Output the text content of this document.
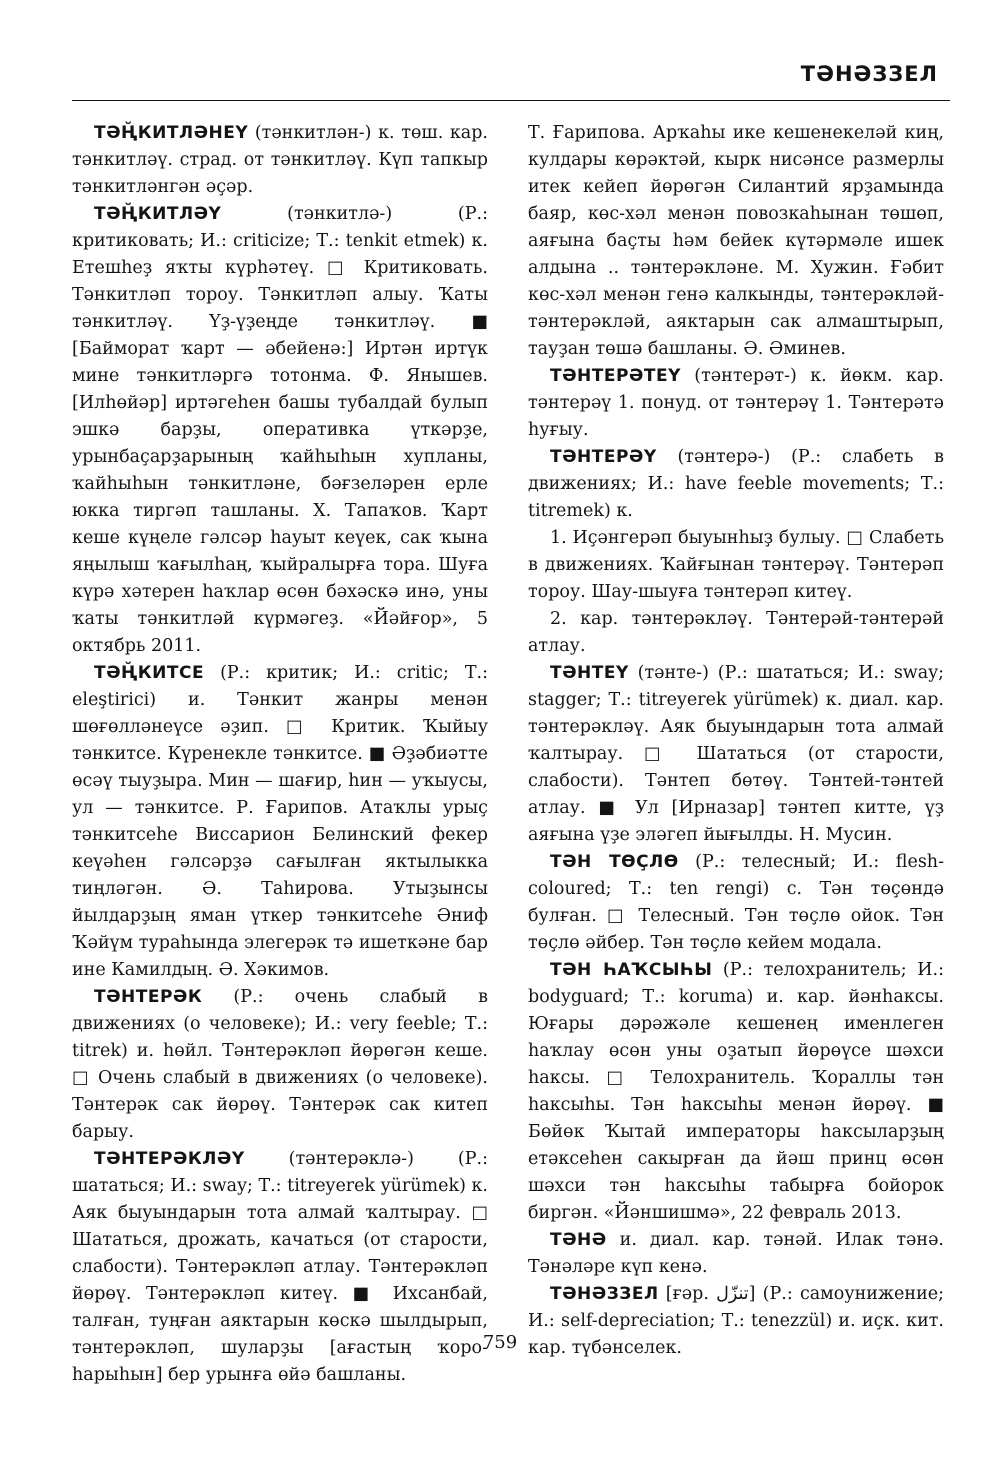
ТӘНӘЗЗЕЛ

ТӘҢ̆КИТЛӘНЕҮ (тәнкитлән-) к. төш. кар. тәнкитләү. страд. от тәнкитләү. Күп тапкыр тәнкитләнгән әҫәр.

ТӘҢ̆КИТЛӘҮ (тәнкитлә-) (Р.: критиковать; И.: criticize; Т.: tenkit etmek) к. Етешһеҙ яҡты күрһәтеү. □ Критиковать. Тәнкитләп тороу. Тәнкитләп алыу. Ҡаты тәнкитләү. Үҙ-үҙеңде тәнкитләү. ■ [Байморат ҡарт — әбейенә:] Иртән иртүк мине тәнкитләргә тотонма. Ф. Янышев. [Илһөйәр] иртәгеһен башы тубалдай булып эшкә барҙы, оперативка үткәрҙе, урынбаҫарҙарының ҡайһыһын хупланы, ҡайһыһын тәнкитләне, бәғзеләрен ерле юкка тиргәп ташланы. Х. Тапаҡов. Ҡарт кеше күңеле гәлсәр һауыт кеүек, сак ҡына яңылыш ҡағылһаң, ҡыйралырға тора. Шуға күрә хәтерен һаҡлар өсөн бәхәскә инә, уны ҡаты тәнкитләй күрмәгеҙ. «Йәйғор», 5 октябрь 2011.

ТӘҢ̆КИТСЕ (Р.: критик; И.: critic; Т.: eleştirici) и. Тәнкит жанры менән шөғөлләнеүсе әҙип. □ Критик. Ҡыйыу тәнкитсе. Күренекле тәнкитсе. ■ Әҙәбиәтте өсәү тыуҙыра. Мин — шағир, һин — уҡыусы, ул — тәнкитсе. Р. Ғарипов. Атаҡлы урыҫ тәнкитсеһе Виссарион Белинский фекер кеүәһен гәлсәрҙә сағылған яктылыкка тиңләгән. Ә. Таһирова. Утыҙынсы йылдарҙың яман үткер тәнкитсеһе Әниф Ҡәйүм тураһында элегерәк тә ишеткәне бар ине Камилдың. Ә. Хәкимов.

ТӘНТЕРӘК (Р.: очень слабый в движениях (о человеке); И.: very feeble; Т.: titrek) и. һөйл. Тәнтерәкләп йөрөгән кеше. □ Очень слабый в движениях (о человеке). Тәнтерәк сак йөрөү. Тәнтерәк сак китеп барыу.

ТӘНТЕРӘКЛӘҮ (тәнтерәклә-) (Р.: шататься; И.: sway; Т.: titreyerek yürümek) к. Аяк быуындарын тота алмай ҡалтырау. □ Шататься, дрожать, качаться (от старости, слабости). Тәнтерәкләп атлау. Тәнтерәкләп йөрөү. Тәнтерәкләп китеү. ■ Ихсанбай, талған, туңған аяктарын көскә шылдырып, тәнтерәкләп, шуларҙы [ағастың ҡоро-һарыһын] бер урынға өйә башланы.

Т. Ғарипова. Арҡаһы ике кешенекеләй киң, кулдары көрәктәй, кырк нисәнсе размерлы итек кейеп йөрөгән Силантий ярҙамында баяр, көс-хәл менән повозкаһынан төшөп, аяғына баҫты һәм бейек күтәрмәле ишек алдына .. тәнтерәкләне. М. Хужин. Ғәбит көс-хәл менән генә калкынды, тәнтерәкләй-тәнтерәкләй, аяктарын сак алмаштырып, тауҙан төшә башланы. Ә. Әминев.

ТӘНТЕРӘТЕҮ (тәнтерәт-) к. йөкм. кар. тәнтерәү 1. понуд. от тәнтерәү 1. Тәнтерәтә һуғыу.

ТӘНТЕРӘҮ (тәнтерә-) (Р.: слабеть в движениях; И.: have feeble movements; Т.: titremek) к.

1. Иҫәнгерәп быуынһыҙ булыу. □ Слабеть в движениях. Ҡайғынан тәнтерәү. Тәнтерәп тороу. Шау-шыуға тәнтерәп китеү.

2. кар. тәнтерәкләү. Тәнтерәй-тәнтерәй атлау.

ТӘНТЕҮ (тәнте-) (Р.: шататься; И.: sway; stagger; Т.: titreyerek yürümek) к. диал. кар. тәнтерәкләү. Аяк быуындарын тота алмай ҡалтырау. □ Шататься (от старости, слабости). Тәнтеп бөтөү. Тәнтей-тәнтей атлау. ■ Ул [Ирназар] тәнтеп китте, үҙ аяғына үҙе эләгеп йығылды. Н. Мусин.

ТӘН ТӨҪЛӨ (Р.: телесный; И.: flesh-coloured; Т.: ten rengi) с. Тән төҫөндә булған. □ Телесный. Тән төҫлө ойок. Тән төҫлө әйбер. Тән төҫлө кейем модала.

ТӘН ҺАҠСЫҺЫ (Р.: телохранитель; И.: bodyguard; Т.: koruma) и. кар. йәнһаксы. Юғары дәрәжәле кешенең именлеген һаҡлау өсөн уны оҙатып йөрөүсе шәхси һаксы. □ Телохранитель. Ҡораллы тән һаксыһы. Тән һаксыһы менән йөрөү. ■ Бөйөк Ҡытай императоры һаксыларҙың етәксеһен сакырған да йәш принц өсөн шәхси тән һаксыһы табырға бойорок биргән. «Йәншишмә», 22 февраль 2013.

ТӘНӘ и. диал. кар. тәнәй. Илак тәнә. Тәнәләре күп кенә.

ТӘНӘЗЗЕЛ [ғәр. تنزّل] (Р.: самоунижение; И.: self-depreciation; Т.: tenezzül) и. иҫк. кит. кар. түбәнселек.

759
